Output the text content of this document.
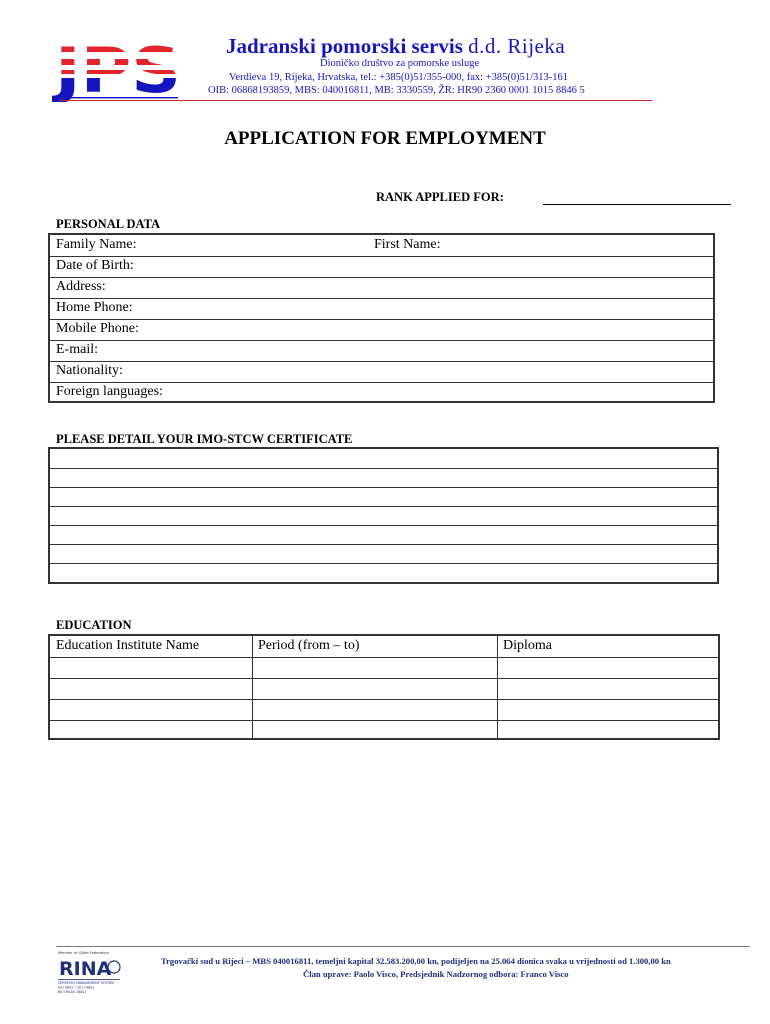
Jadranski pomorski servis d.d. Rijeka
Dioničko društvo za pomorske usluge
Verdieva 19, Rijeka, Hrvatska, tel.: +385(0)51/355-000, fax: +385(0)51/313-161
OIB: 06868193859, MBS: 040016811, MB: 3330559, ŽR: HR90 2360 0001 1015 8846 5
APPLICATION FOR EMPLOYMENT
RANK APPLIED FOR:
PERSONAL DATA
Family Name:	First Name:
Date of Birth:
Address:
Home Phone:
Mobile Phone:
E-mail:
Nationality:
Foreign languages:
PLEASE DETAIL YOUR IMO-STCW CERTIFICATE
EDUCATION
Education Institute Name	Period (from – to)	Diploma
Member of IQNet Federation
RINA
CERTIFIED MANAGEMENT SYSTEM
ISO 9001 • ISO 14001
BS OHSAS 18001
Trgovački sud u Rijeci – MBS 040016811, temeljni kapital 32.583.200,00 kn, podijeljen na 25.064 dionica svaka u vrijednosti od 1.300,00 kn
Član uprave: Paolo Visco, Predsjednik Nadzornog odbora: Franco Visco
